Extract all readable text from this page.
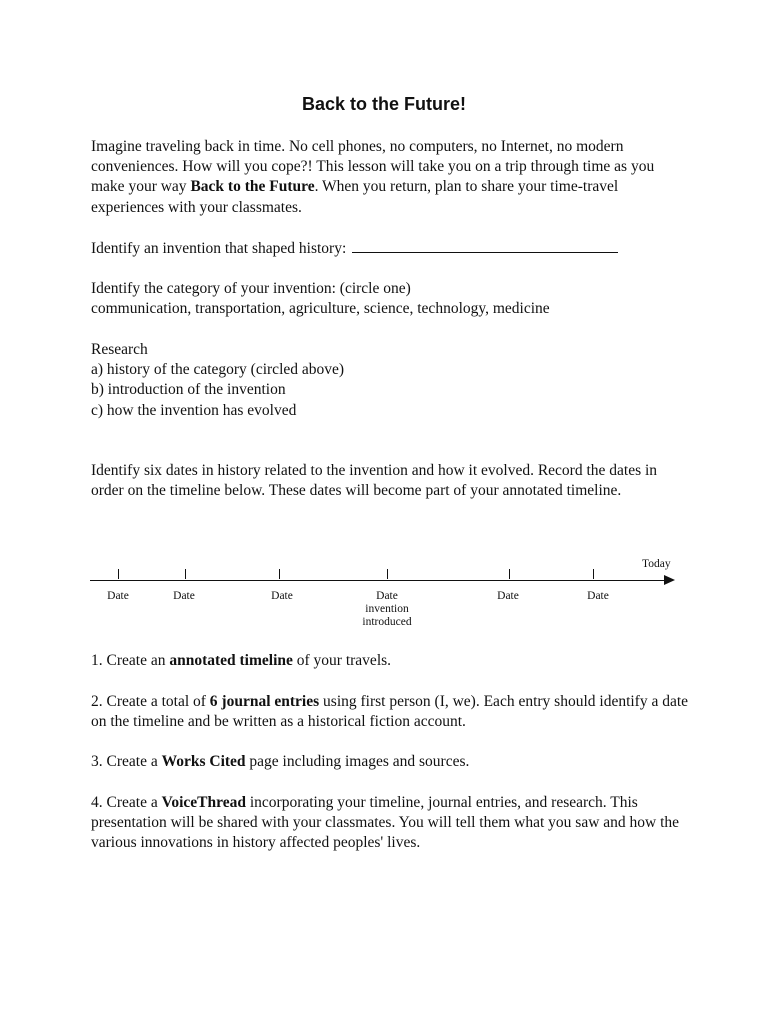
Back to the Future!

Imagine traveling back in time. No cell phones, no computers, no Internet, no modern conveniences. How will you cope?! This lesson will take you on a trip through time as you make your way Back to the Future. When you return, plan to share your time-travel experiences with your classmates.

Identify an invention that shaped history:

Identify the category of your invention: (circle one)

communication, transportation, agriculture, science, technology, medicine

Research

a) history of the category (circled above)

b) introduction of the invention

c) how the invention has evolved

Identify six dates in history related to the invention and how it evolved. Record the dates in order on the timeline below. These dates will become part of your annotated timeline.

Today
Date	Date	Date	Date
invention introduced
Date	Date

1. Create an annotated timeline of your travels.

2. Create a total of 6 journal entries using first person (I, we). Each entry should identify a date on the timeline and be written as a historical fiction account.

3. Create a Works Cited page including images and sources.

4. Create a VoiceThread incorporating your timeline, journal entries, and research. This presentation will be shared with your classmates. You will tell them what you saw and how the various innovations in history affected peoples' lives.
